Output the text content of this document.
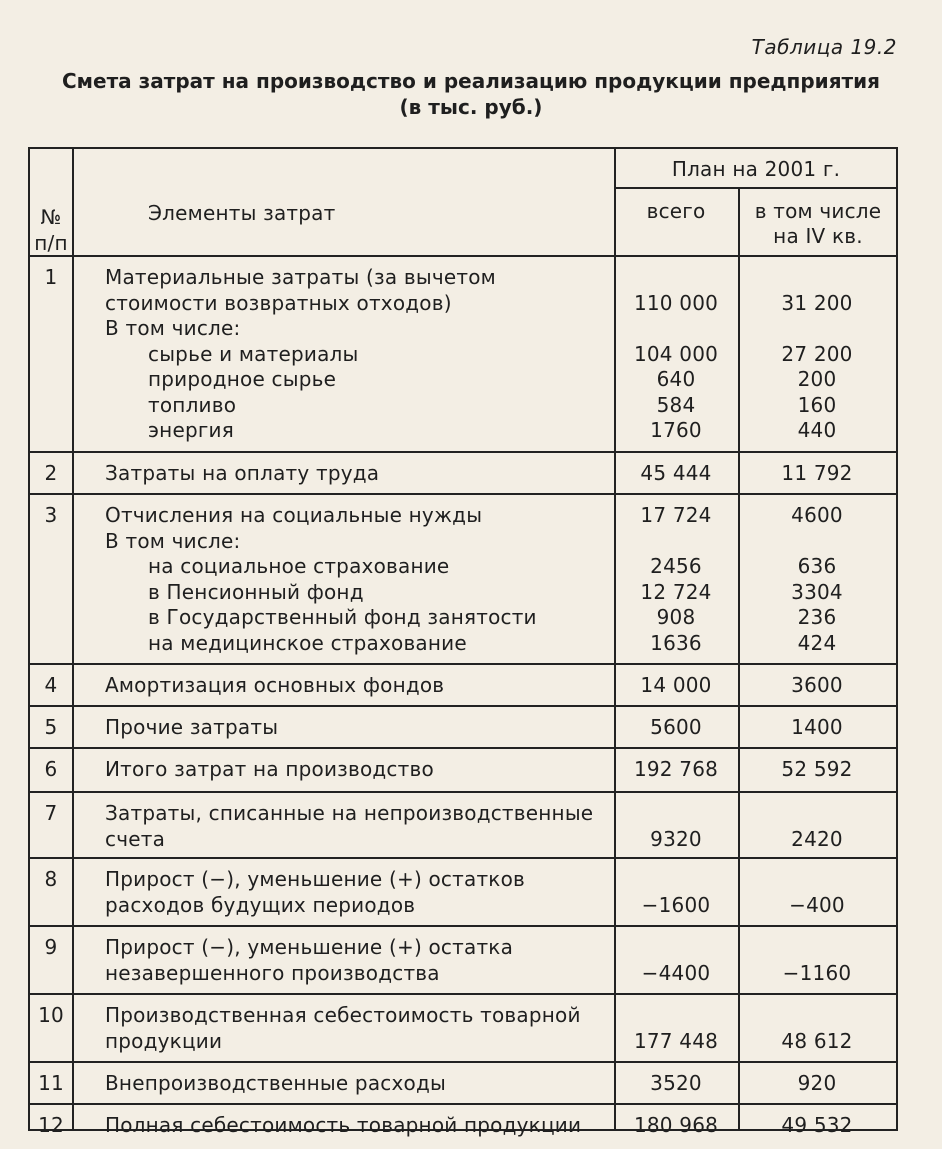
Таблица 19.2
Смета затрат на производство и реализацию продукции предприятия
(в тыс. руб.)
№
п/п
Элементы затрат
План на 2001 г.
всего	в том числе
на IV кв.
1	Материальные затраты (за вычетом
стоимости возвратных отходов)	110 000	31 200
В том числе:
сырье и материалы	104 000	27 200
природное сырье	640	200
топливо	584	160
энергия	1760	440
2	Затраты на оплату труда	45 444	11 792
3	Отчисления на социальные нужды	17 724	4600
В том числе:
на социальное страхование	2456	636
в Пенсионный фонд	12 724	3304
в Государственный фонд занятости	908	236
на медицинское страхование	1636	424
4	Амортизация основных фондов	14 000	3600
5	Прочие затраты	5600	1400
6	Итого затрат на производство	192 768	52 592
7	Затраты, списанные на непроизводственные
счета	9320	2420
8	Прирост (−), уменьшение (+) остатков
расходов будущих периодов	−1600	−400
9	Прирост (−), уменьшение (+) остатка
незавершенного производства	−4400	−1160
10	Производственная себестоимость товарной
продукции	177 448	48 612
11	Внепроизводственные расходы	3520	920
12	Полная себестоимость товарной продукции	180 968	49 532
